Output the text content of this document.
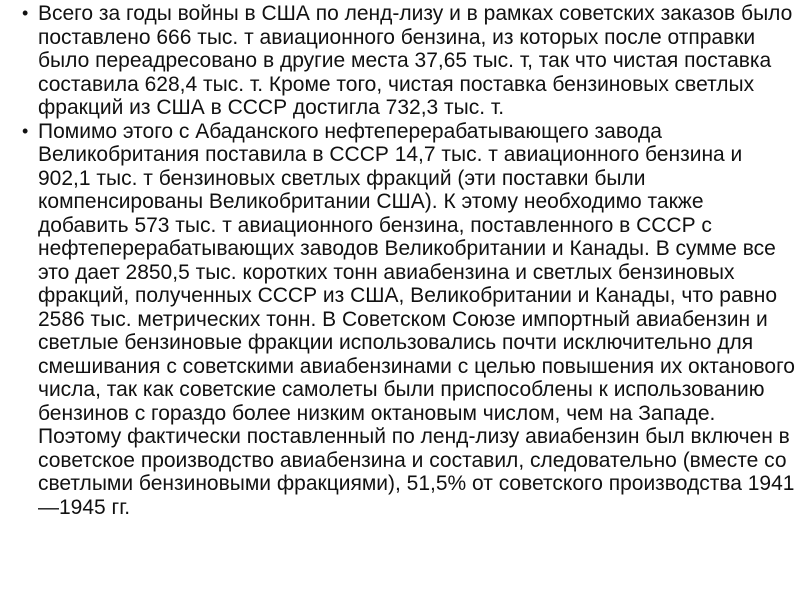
• Всего за годы войны в США по ленд-лизу и в рамках советских заказов было поставлено 666 тыс. т авиационного бензина, из которых после отправки было переадресовано в другие места 37,65 тыс. т, так что чистая поставка составила 628,4 тыс. т. Кроме того, чистая поставка бензиновых светлых фракций из США в СССР достигла 732,3 тыс. т.
• Помимо этого с Абаданского нефтеперерабатывающего завода Великобритания поставила в СССР 14,7 тыс. т авиационного бензина и 902,1 тыс. т бензиновых светлых фракций (эти поставки были компенсированы Великобритании США). К этому необходимо также добавить 573 тыс. т авиационного бензина, поставленного в СССР с нефтеперерабатывающих заводов Великобритании и Канады. В сумме все это дает 2850,5 тыс. коротких тонн авиабензина и светлых бензиновых фракций, полученных СССР из США, Великобритании и Канады, что равно 2586 тыс. метрических тонн. В Советском Союзе импортный авиабензин и светлые бензиновые фракции использовались почти исключительно для смешивания с советскими авиабензинами с целью повышения их октанового числа, так как советские самолеты были приспособлены к использованию бензинов с гораздо более низким октановым числом, чем на Западе. Поэтому фактически поставленный по ленд-лизу авиабензин был включен в советское производство авиабензина и составил, следовательно (вместе со светлыми бензиновыми фракциями), 51,5% от советского производства 1941—1945 гг.
